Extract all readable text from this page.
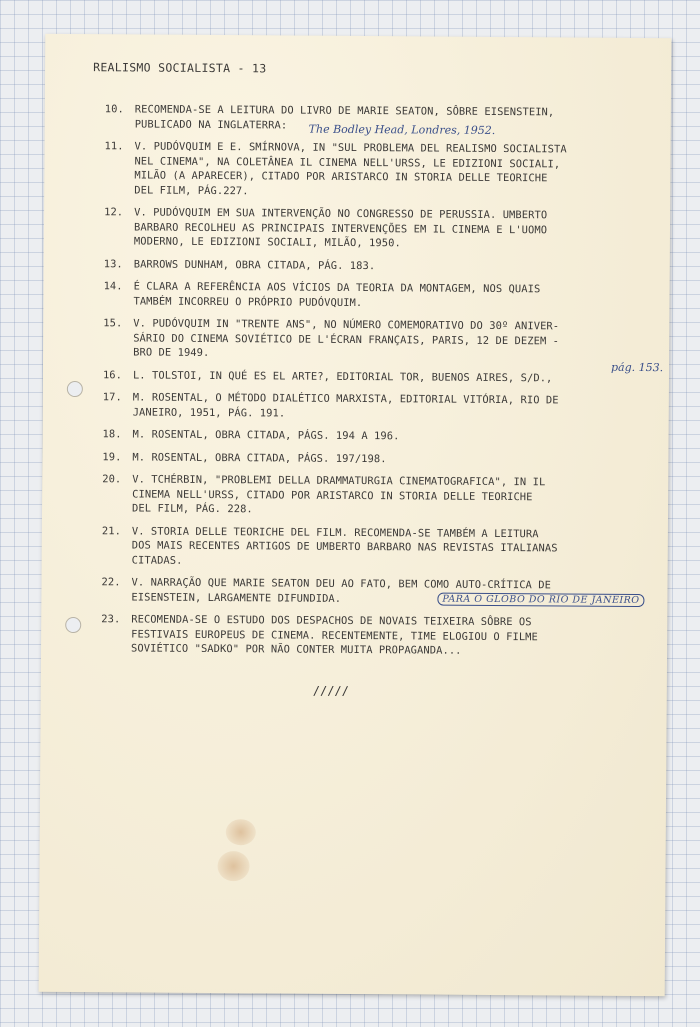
REALISMO SOCIALISTA - 13
10.	RECOMENDA-SE A LEITURA DO LIVRO DE MARIE SEATON, SÔBRE EISENSTEIN,
PUBLICADO NA INGLATERRA:
11.	V. PUDÓVQUIM E E. SMÍRNOVA, IN "SUL PROBLEMA DEL REALISMO SOCIALISTA
NEL CINEMA", NA COLETÂNEA IL CINEMA NELL'URSS, LE EDIZIONI SOCIALI,
MILÃO (A APARECER), CITADO POR ARISTARCO IN STORIA DELLE TEORICHE
DEL FILM, PÁG.227.
12.	V. PUDÓVQUIM EM SUA INTERVENÇÃO NO CONGRESSO DE PERUSSIA. UMBERTO
BARBARO RECOLHEU AS PRINCIPAIS INTERVENÇÕES EM IL CINEMA E L'UOMO
MODERNO, LE EDIZIONI SOCIALI, MILÃO, 1950.
13.	BARROWS DUNHAM, OBRA CITADA, PÁG. 183.
14.	É CLARA A REFERÊNCIA AOS VÍCIOS DA TEORIA DA MONTAGEM, NOS QUAIS
TAMBÉM INCORREU O PRÓPRIO PUDÓVQUIM.
15.	V. PUDÓVQUIM IN "TRENTE ANS", NO NÚMERO COMEMORATIVO DO 30º ANIVER-
SÁRIO DO CINEMA SOVIÉTICO DE L'ÉCRAN FRANÇAIS, PARIS, 12 DE DEZEM -
BRO DE 1949.
16.	L. TOLSTOI, IN QUÉ ES EL ARTE?, EDITORIAL TOR, BUENOS AIRES, S/D.,
17.	M. ROSENTAL, O MÉTODO DIALÉTICO MARXISTA, EDITORIAL VITÓRIA, RIO DE
JANEIRO, 1951, PÁG. 191.
18.	M. ROSENTAL, OBRA CITADA, PÁGS. 194 A 196.
19.	M. ROSENTAL, OBRA CITADA, PÁGS. 197/198.
20.	V. TCHÉRBIN, "PROBLEMI DELLA DRAMMATURGIA CINEMATOGRAFICA", IN IL
CINEMA NELL'URSS, CITADO POR ARISTARCO IN STORIA DELLE TEORICHE
DEL FILM, PÁG. 228.
21.	V. STORIA DELLE TEORICHE DEL FILM. RECOMENDA-SE TAMBÉM A LEITURA
DOS MAIS RECENTES ARTIGOS DE UMBERTO BARBARO NAS REVISTAS ITALIANAS
CITADAS.
22.	V. NARRAÇÃO QUE MARIE SEATON DEU AO FATO, BEM COMO AUTO-CRÍTICA DE
EISENSTEIN, LARGAMENTE DIFUNDIDA.
23.	RECOMENDA-SE O ESTUDO DOS DESPACHOS DE NOVAIS TEIXEIRA SÔBRE OS
FESTIVAIS EUROPEUS DE CINEMA. RECENTEMENTE, TIME ELOGIOU O FILME
SOVIÉTICO "SADKO" POR NÃO CONTER MUITA PROPAGANDA...
The Bodley Head, Londres, 1952.
pág. 153.
PARA O GLOBO DO RIO DE JANEIRO
/////
